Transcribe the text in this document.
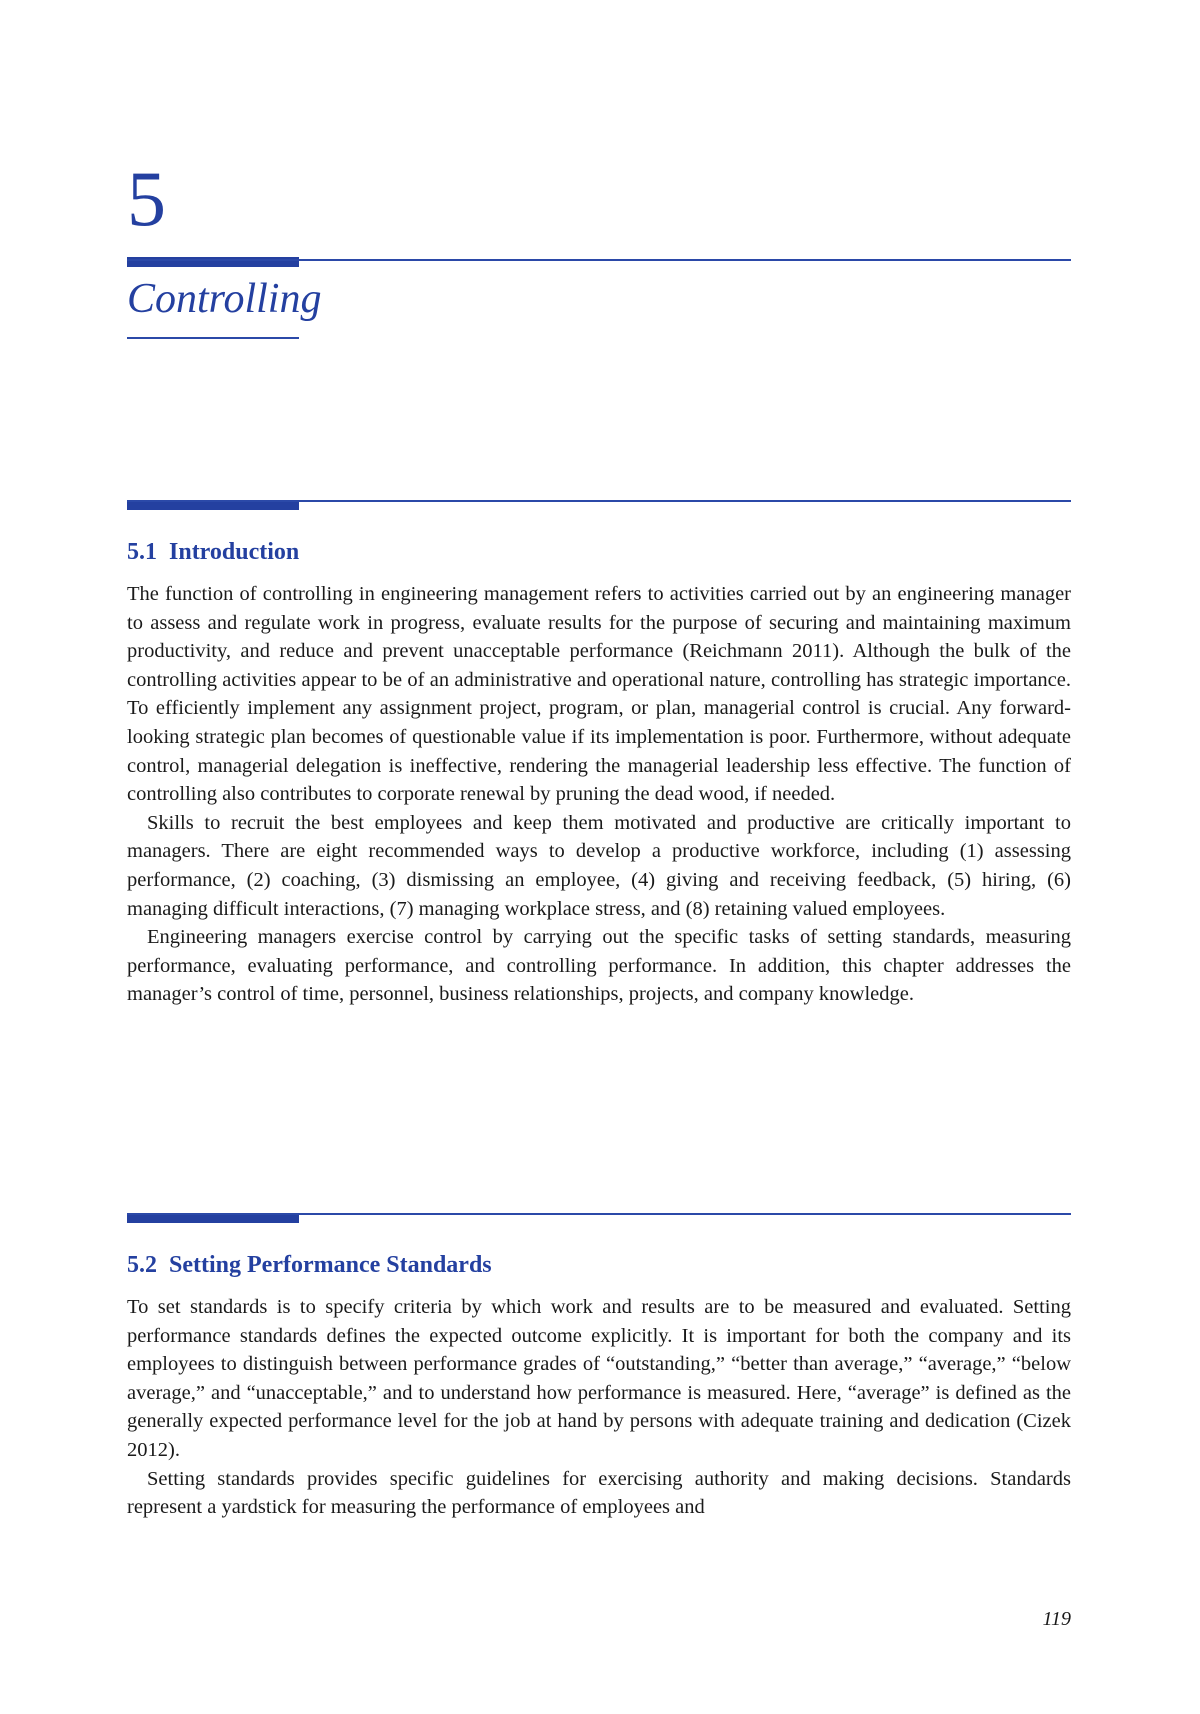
5
Controlling
5.1 Introduction

The function of controlling in engineering management refers to activities carried out by an engineering manager to assess and regulate work in progress, evaluate results for the purpose of securing and maintaining maximum productivity, and reduce and prevent unacceptable performance (Reichmann 2011). Although the bulk of the controlling activities appear to be of an administrative and operational nature, controlling has strategic importance. To efficiently implement any assignment project, program, or plan, managerial control is crucial. Any forward-looking strategic plan becomes of questionable value if its implementation is poor. Furthermore, without adequate control, managerial delegation is ineffective, rendering the managerial leadership less effective. The function of controlling also contributes to corporate renewal by pruning the dead wood, if needed.

Skills to recruit the best employees and keep them motivated and productive are critically important to managers. There are eight recommended ways to develop a productive workforce, including (1) assessing performance, (2) coaching, (3) dismissing an employee, (4) giving and receiving feedback, (5) hiring, (6) managing difficult interactions, (7) managing workplace stress, and (8) retaining valued employees.

Engineering managers exercise control by carrying out the specific tasks of setting standards, measuring performance, evaluating performance, and controlling performance. In addition, this chapter addresses the manager’s control of time, personnel, business relationships, projects, and company knowledge.

5.2 Setting Performance Standards

To set standards is to specify criteria by which work and results are to be measured and evaluated. Setting performance standards defines the expected outcome explicitly. It is important for both the company and its employees to distinguish between performance grades of “outstanding,” “better than average,” “average,” “below average,” and “unacceptable,” and to understand how performance is measured. Here, “average” is defined as the generally expected performance level for the job at hand by persons with adequate training and dedication (Cizek 2012).

Setting standards provides specific guidelines for exercising authority and making decisions. Standards represent a yardstick for measuring the performance of employees and

119
